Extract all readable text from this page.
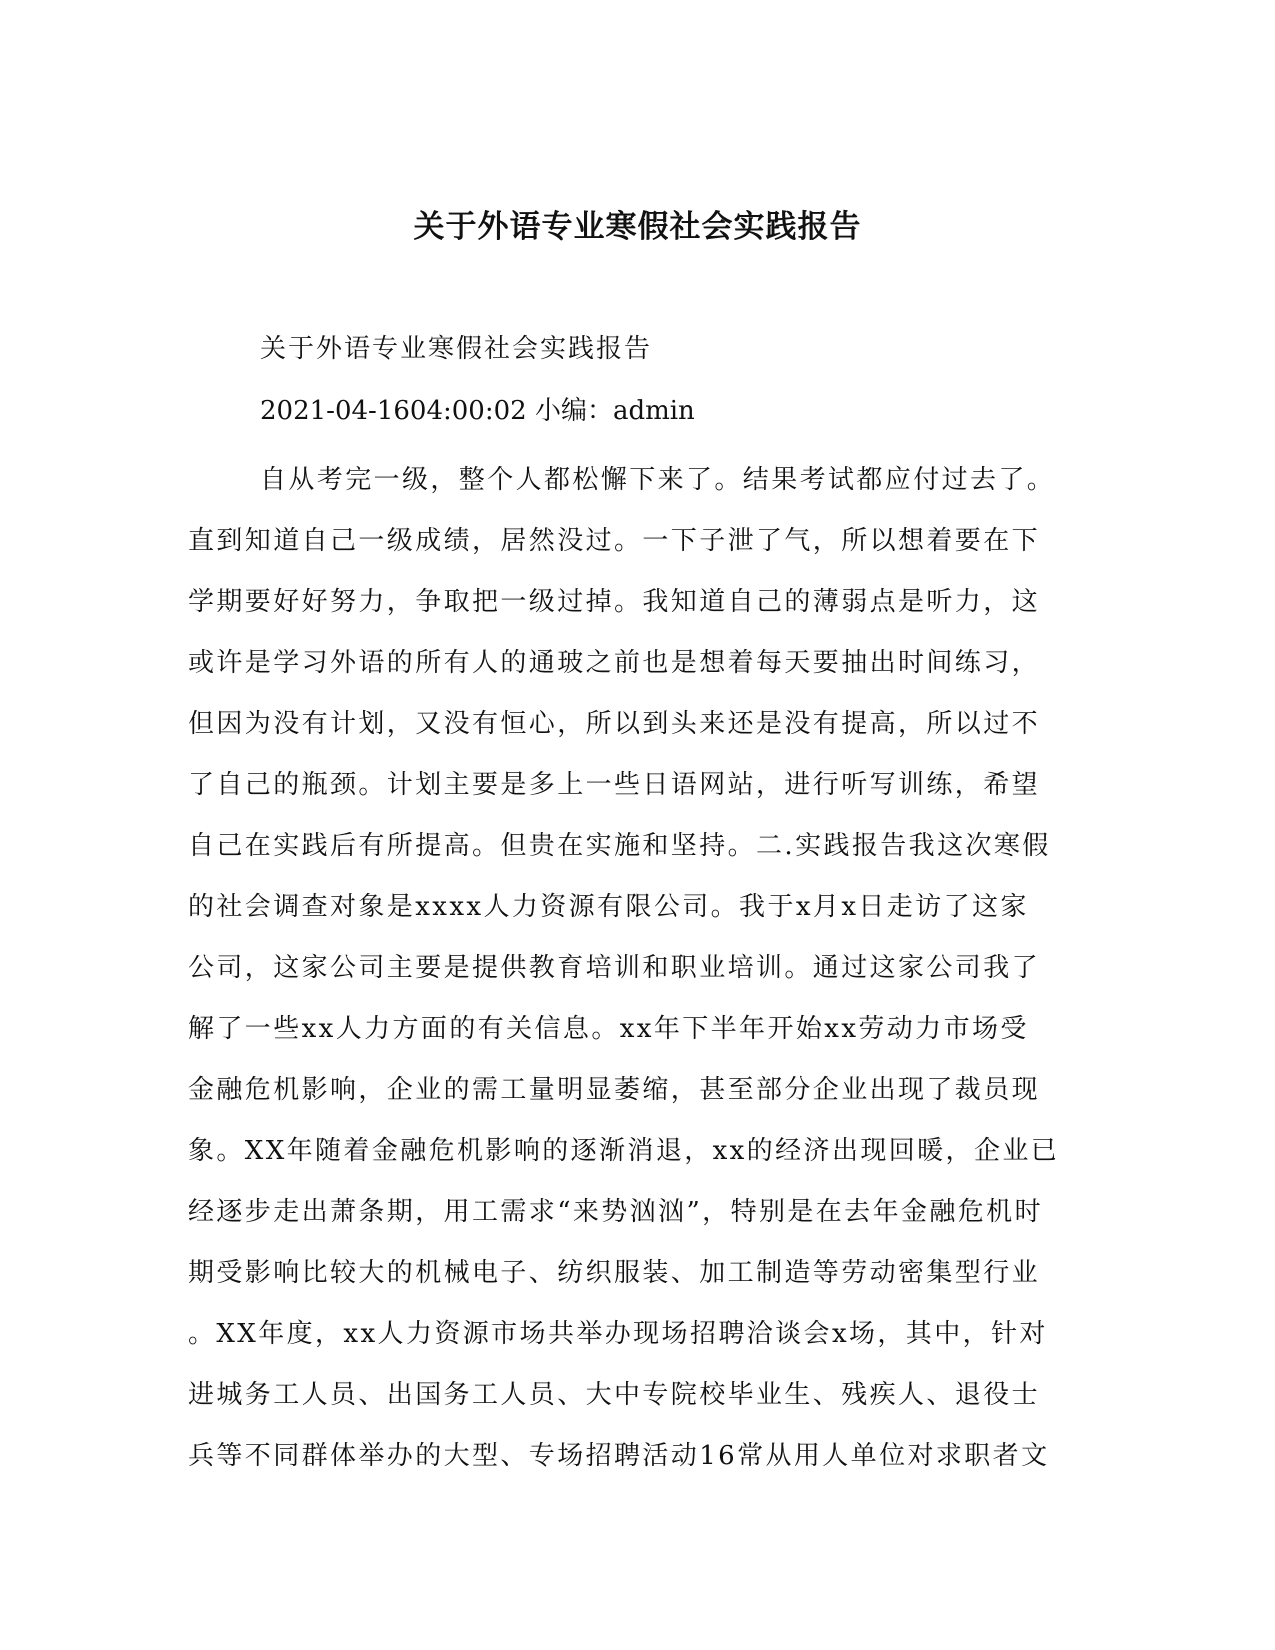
关于外语专业寒假社会实践报告

关于外语专业寒假社会实践报告

2021-04-1604:00:02 小编：admin

自从考完一级，整个人都松懈下来了。结果考试都应付过去了。
直到知道自己一级成绩，居然没过。一下子泄了气，所以想着要在下
学期要好好努力，争取把一级过掉。我知道自己的薄弱点是听力，这
或许是学习外语的所有人的通玻之前也是想着每天要抽出时间练习，
但因为没有计划，又没有恒心，所以到头来还是没有提高，所以过不
了自己的瓶颈。计划主要是多上一些日语网站，进行听写训练，希望
自己在实践后有所提高。但贵在实施和坚持。二.实践报告我这次寒假
的社会调查对象是xxxx人力资源有限公司。我于x月x日走访了这家
公司，这家公司主要是提供教育培训和职业培训。通过这家公司我了
解了一些xx人力方面的有关信息。xx年下半年开始xx劳动力市场受
金融危机影响，企业的需工量明显萎缩，甚至部分企业出现了裁员现
象。XX年随着金融危机影响的逐渐消退，xx的经济出现回暖，企业已
经逐步走出萧条期，用工需求“来势汹汹”，特别是在去年金融危机时
期受影响比较大的机械电子、纺织服装、加工制造等劳动密集型行业
。XX年度，xx人力资源市场共举办现场招聘洽谈会x场，其中，针对
进城务工人员、出国务工人员、大中专院校毕业生、残疾人、退役士
兵等不同群体举办的大型、专场招聘活动16常从用人单位对求职者文
